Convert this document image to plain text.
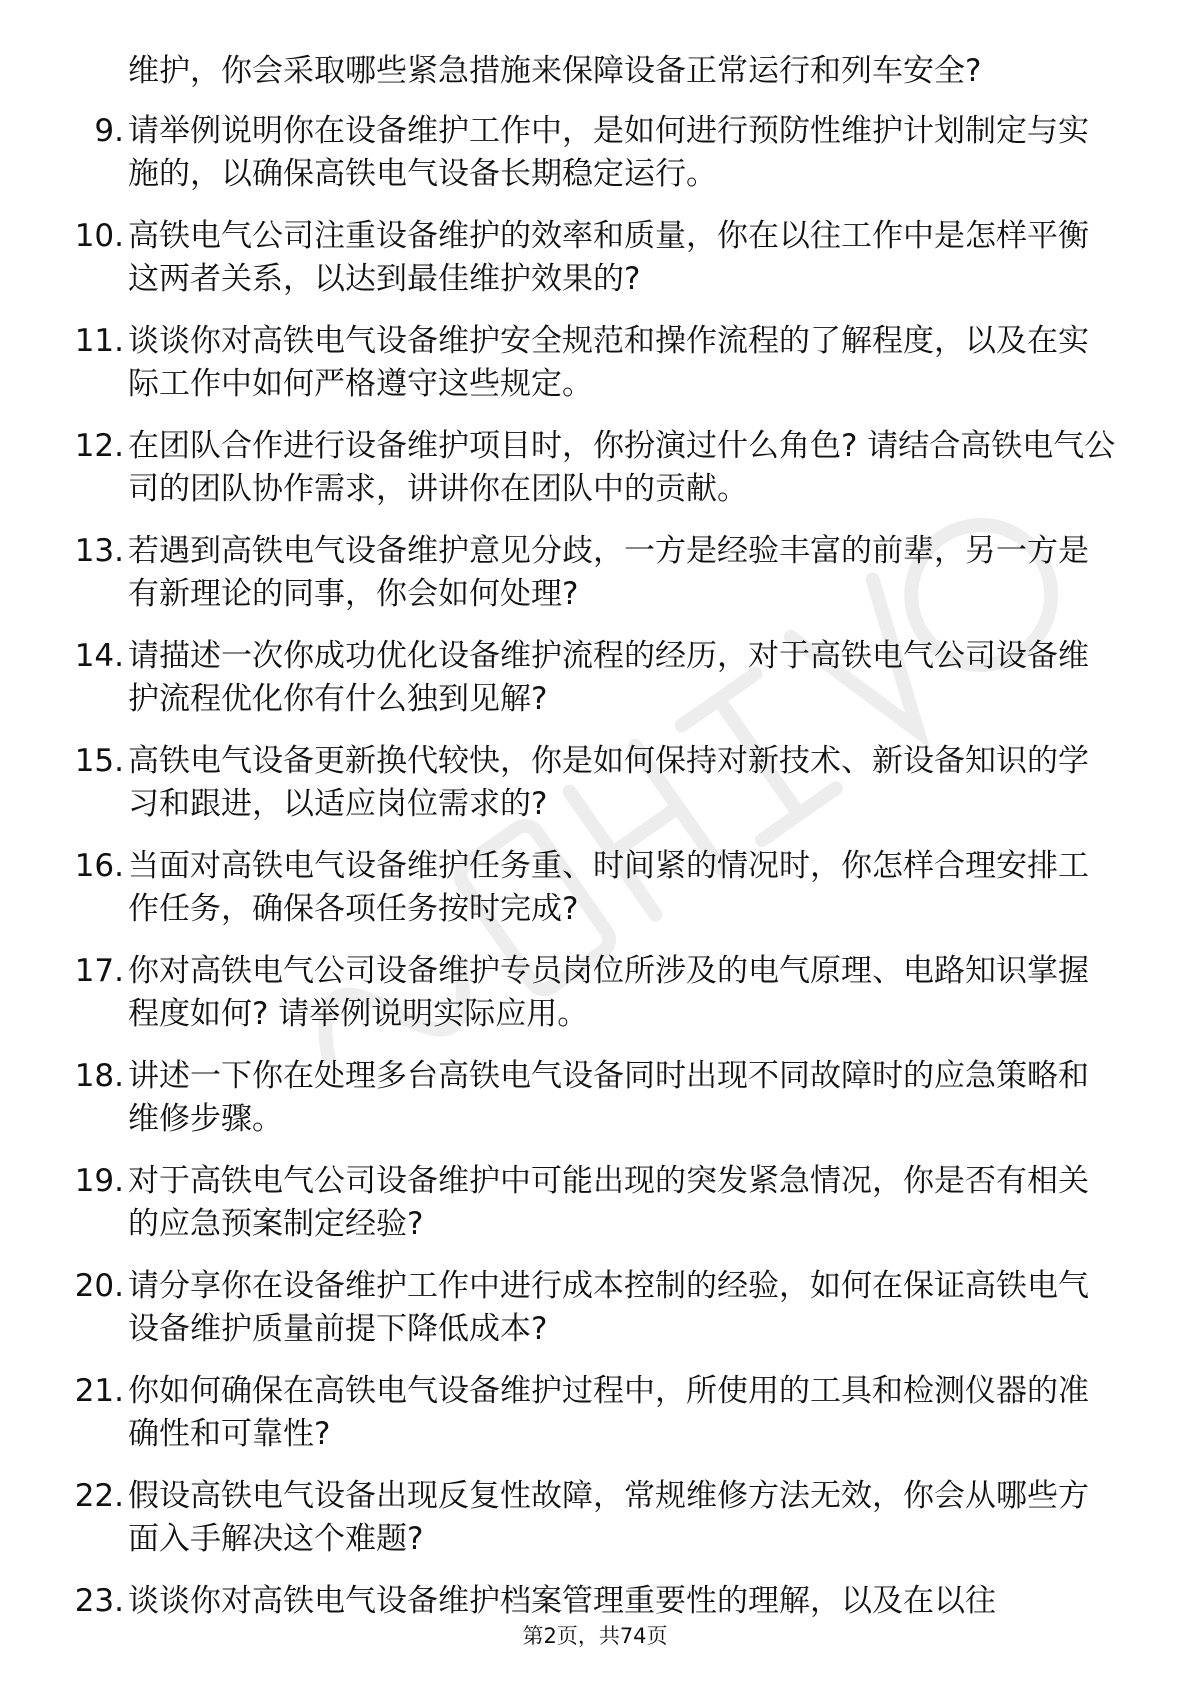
维护，你会采取哪些紧急措施来保障设备正常运行和列车安全?
9. 请举例说明你在设备维护工作中，是如何进行预防性维护计划制定与实施的，以确保高铁电气设备长期稳定运行。
10. 高铁电气公司注重设备维护的效率和质量，你在以往工作中是怎样平衡这两者关系，以达到最佳维护效果的?
11. 谈谈你对高铁电气设备维护安全规范和操作流程的了解程度，以及在实际工作中如何严格遵守这些规定。
12. 在团队合作进行设备维护项目时，你扮演过什么角色? 请结合高铁电气公司的团队协作需求，讲讲你在团队中的贡献。
13. 若遇到高铁电气设备维护意见分歧，一方是经验丰富的前辈，另一方是有新理论的同事，你会如何处理?
14. 请描述一次你成功优化设备维护流程的经历，对于高铁电气公司设备维护流程优化你有什么独到见解?
15. 高铁电气设备更新换代较快，你是如何保持对新技术、新设备知识的学习和跟进，以适应岗位需求的?
16. 当面对高铁电气设备维护任务重、时间紧的情况时，你怎样合理安排工作任务，确保各项任务按时完成?
17. 你对高铁电气公司设备维护专员岗位所涉及的电气原理、电路知识掌握程度如何? 请举例说明实际应用。
18. 讲述一下你在处理多台高铁电气设备同时出现不同故障时的应急策略和维修步骤。
19. 对于高铁电气公司设备维护中可能出现的突发紧急情况，你是否有相关的应急预案制定经验?
20. 请分享你在设备维护工作中进行成本控制的经验，如何在保证高铁电气设备维护质量前提下降低成本?
21. 你如何确保在高铁电气设备维护过程中，所使用的工具和检测仪器的准确性和可靠性?
22. 假设高铁电气设备出现反复性故障，常规维修方法无效，你会从哪些方面入手解决这个难题?
23. 谈谈你对高铁电气设备维护档案管理重要性的理解，以及在以往
第2页，共74页
